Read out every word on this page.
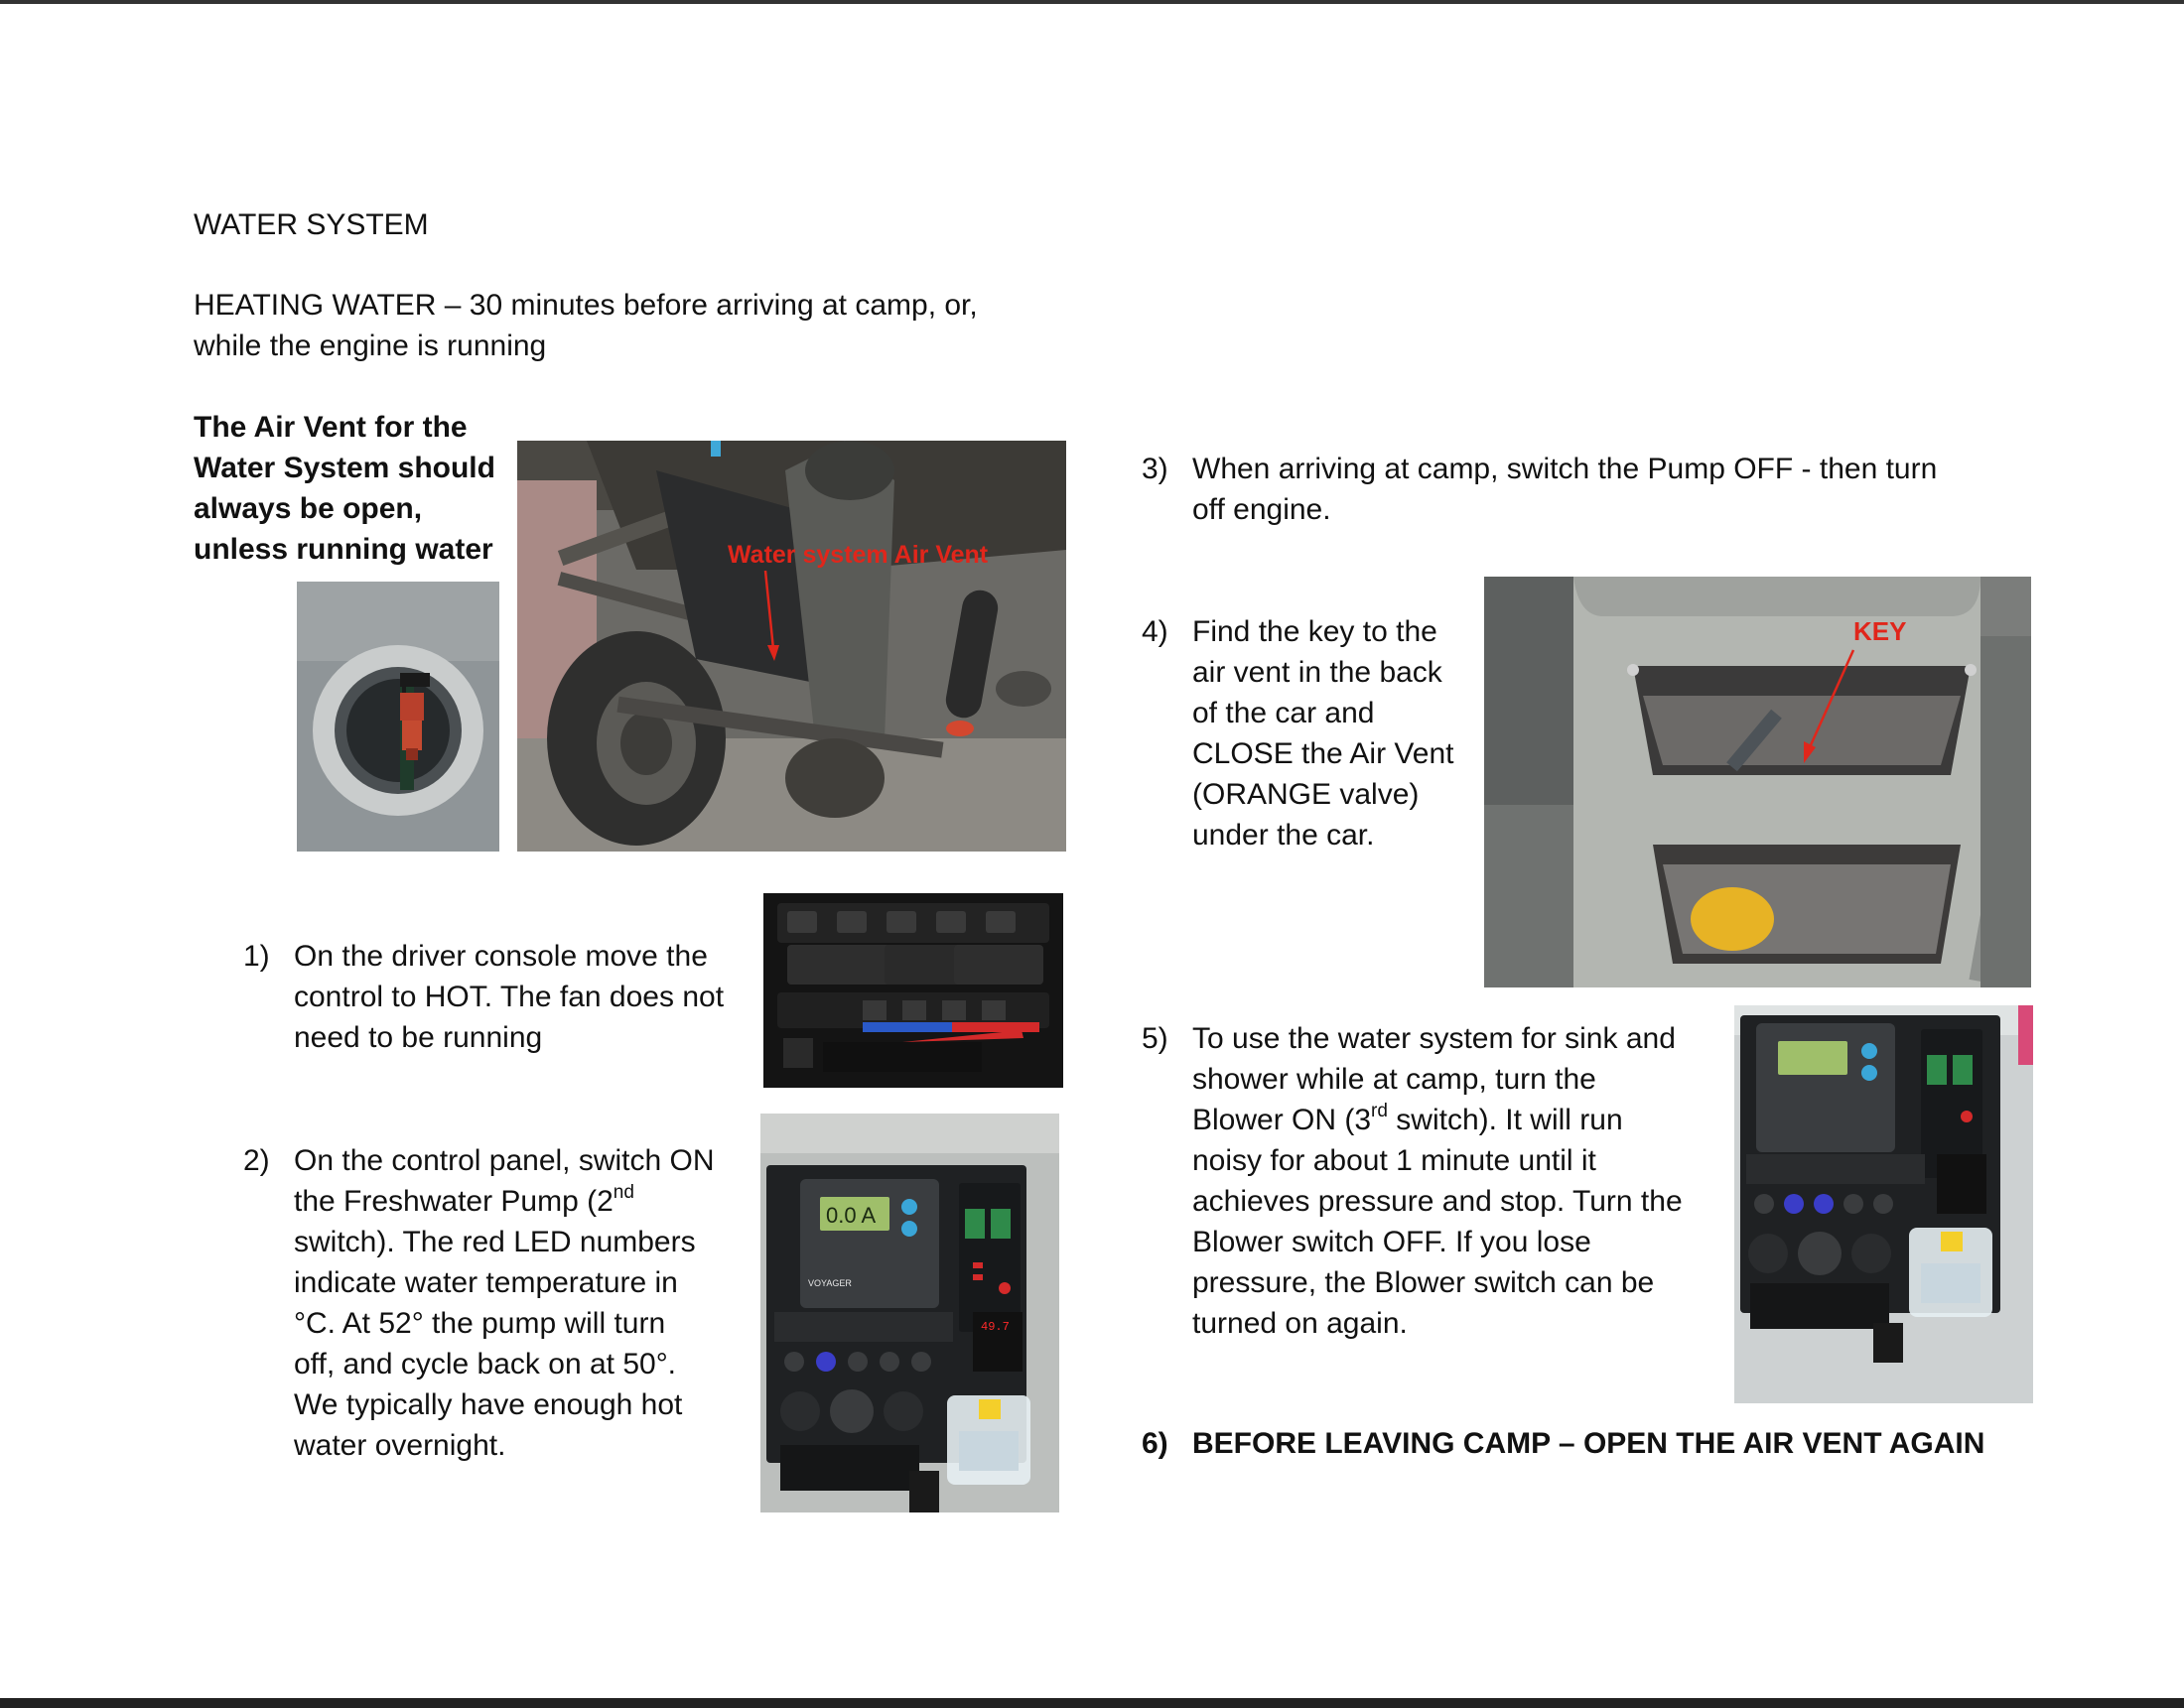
WATER SYSTEM
HEATING WATER – 30 minutes before arriving at camp, or,
while the engine is running
The Air Vent for the
Water System should
always be open,
unless running water	Water system Air Vent
1) On the driver console move the
control to HOT. The fan does not
need to be running
2) On the control panel, switch ON
the Freshwater Pump (2nd
switch). The red LED numbers
indicate water temperature in
°C. At 52° the pump will turn
off, and cycle back on at 50°.
We typically have enough hot
water overnight.
0.0 A
VOYAGER
49.7
3) When arriving at camp, switch the Pump OFF - then turn
off engine.
4) Find the key to the
air vent in the back
of the car and
CLOSE the Air Vent
(ORANGE valve)
under the car.
KEY
5) To use the water system for sink and
shower while at camp, turn the
Blower ON (3rd switch). It will run
noisy for about 1 minute until it
achieves pressure and stop. Turn the
Blower switch OFF. If you lose
pressure, the Blower switch can be
turned on again.
6) BEFORE LEAVING CAMP – OPEN THE AIR VENT AGAIN
